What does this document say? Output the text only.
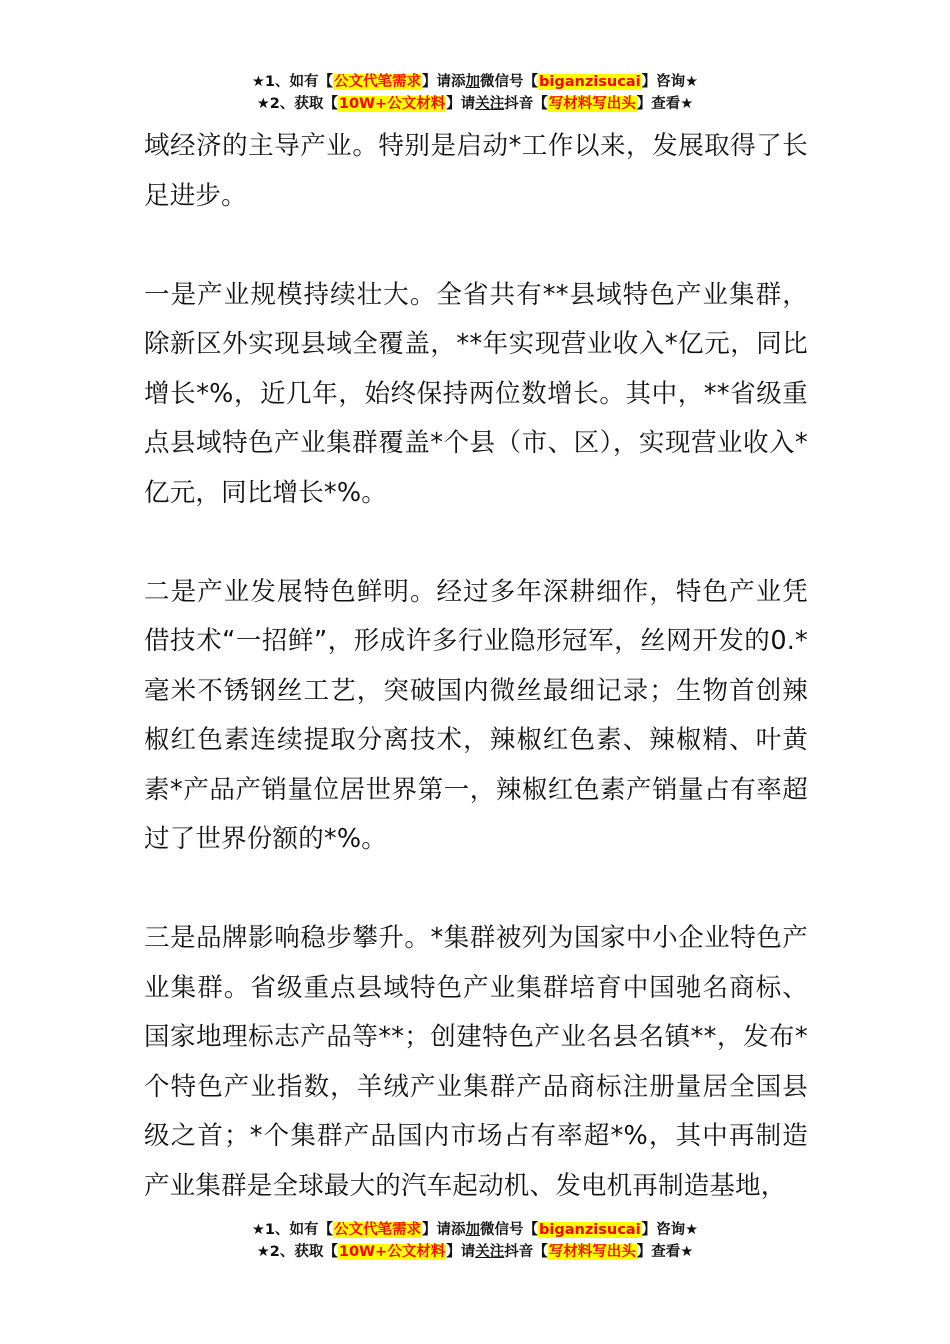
★1、如有【公文代笔需求】请添加微信号【biganzisucai】咨询★
★2、获取【10W+公文材料】请关注抖音【写材料写出头】查看★

域经济的主导产业。特别是启动*工作以来，发展取得了长足进步。

一是产业规模持续壮大。全省共有**县域特色产业集群，除新区外实现县域全覆盖，**年实现营业收入*亿元，同比增长*%，近几年，始终保持两位数增长。其中，**省级重点县域特色产业集群覆盖*个县（市、区），实现营业收入*亿元，同比增长*%。

二是产业发展特色鲜明。经过多年深耕细作，特色产业凭借技术“一招鲜”，形成许多行业隐形冠军，丝网开发的0.*毫米不锈钢丝工艺，突破国内微丝最细记录；生物首创辣椒红色素连续提取分离技术，辣椒红色素、辣椒精、叶黄素*产品产销量位居世界第一，辣椒红色素产销量占有率超过了世界份额的*%。

三是品牌影响稳步攀升。*集群被列为国家中小企业特色产业集群。省级重点县域特色产业集群培育中国驰名商标、国家地理标志产品等**；创建特色产业名县名镇**，发布*个特色产业指数，羊绒产业集群产品商标注册量居全国县级之首；*个集群产品国内市场占有率超*%，其中再制造产业集群是全球最大的汽车起动机、发电机再制造基地，

★1、如有【公文代笔需求】请添加微信号【biganzisucai】咨询★
★2、获取【10W+公文材料】请关注抖音【写材料写出头】查看★
